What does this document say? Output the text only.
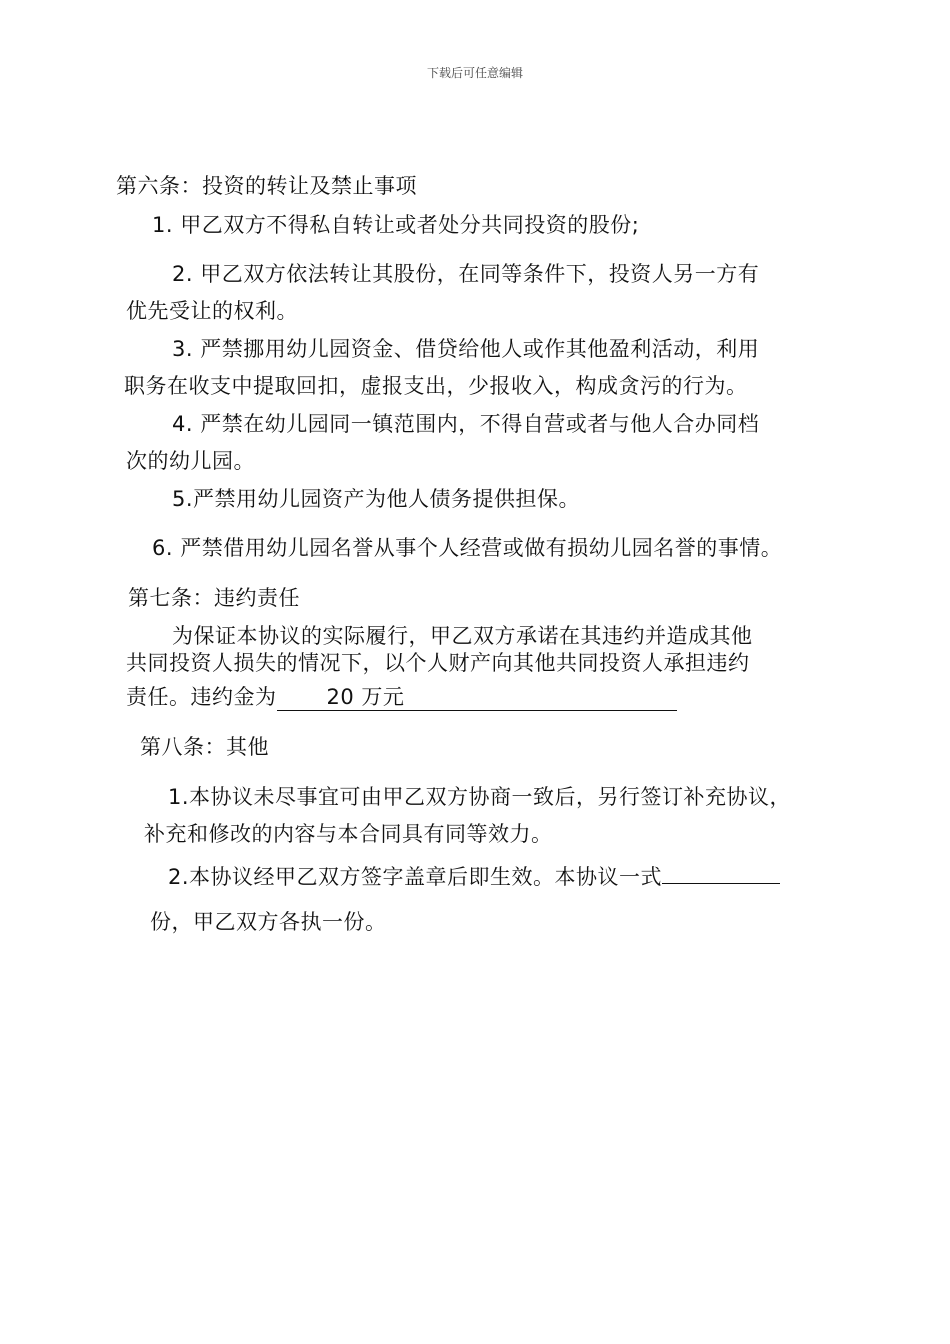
下载后可任意编辑
第六条：投资的转让及禁止事项
1. 甲乙双方不得私自转让或者处分共同投资的股份;
2. 甲乙双方依法转让其股份，在同等条件下，投资人另一方有
优先受让的权利。
3. 严禁挪用幼儿园资金、借贷给他人或作其他盈利活动，利用
职务在收支中提取回扣，虚报支出，少报收入，构成贪污的行为。
4. 严禁在幼儿园同一镇范围内，不得自营或者与他人合办同档
次的幼儿园。
5.严禁用幼儿园资产为他人债务提供担保。
6. 严禁借用幼儿园名誉从事个人经营或做有损幼儿园名誉的事情。
第七条：违约责任
为保证本协议的实际履行，甲乙双方承诺在其违约并造成其他
共同投资人损失的情况下，以个人财产向其他共同投资人承担违约
责任。违约金为 20 万元
第八条：其他
1.本协议未尽事宜可由甲乙双方协商一致后，另行签订补充协议，
补充和修改的内容与本合同具有同等效力。
2.本协议经甲乙双方签字盖章后即生效。本协议一式
份，甲乙双方各执一份。
